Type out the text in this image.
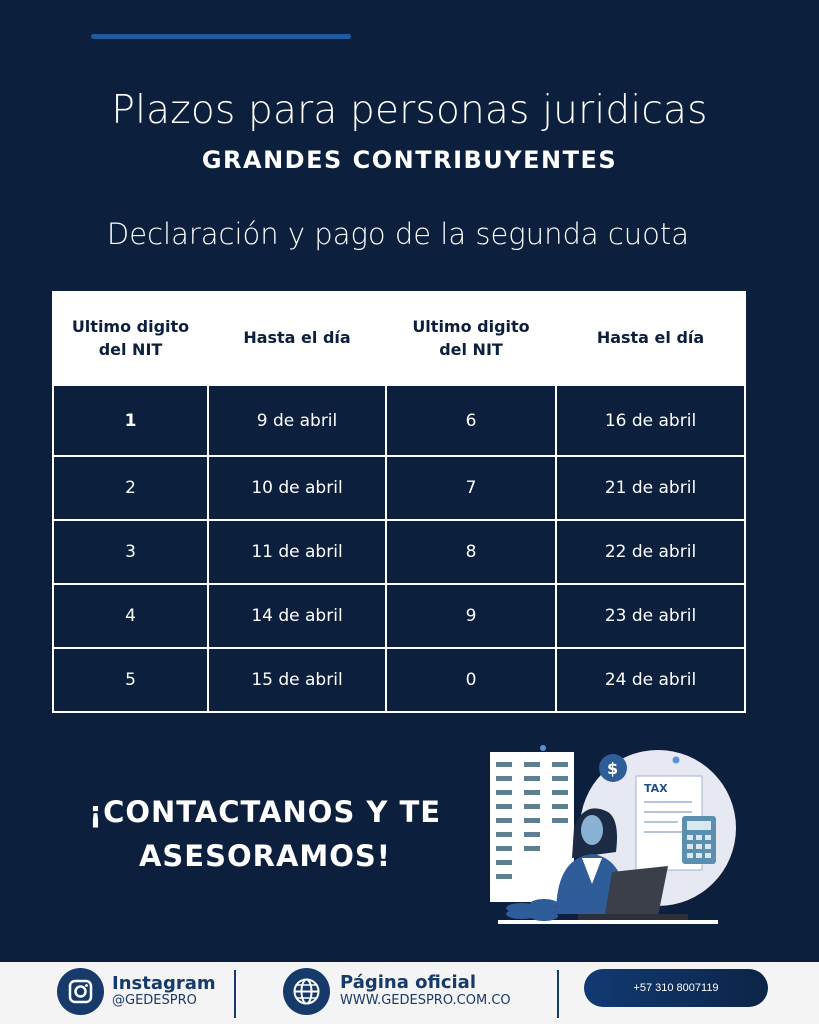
Plazos para personas juridicas
GRANDES CONTRIBUYENTES
Declaración y pago de la segunda cuota
Ultimo digito del NIT	Hasta el día	Ultimo digito del NIT	Hasta el día
1	9 de abril	6	16 de abril
2	10 de abril	7	21 de abril
3	11 de abril	8	22 de abril
4	14 de abril	9	23 de abril
5	15 de abril	0	24 de abril
¡CONTACTANOS Y TE
ASESORAMOS!
TAX
$
Instagram
@GEDESPRO
Página oficial
WWW.GEDESPRO.COM.CO
+57 310 8007119
